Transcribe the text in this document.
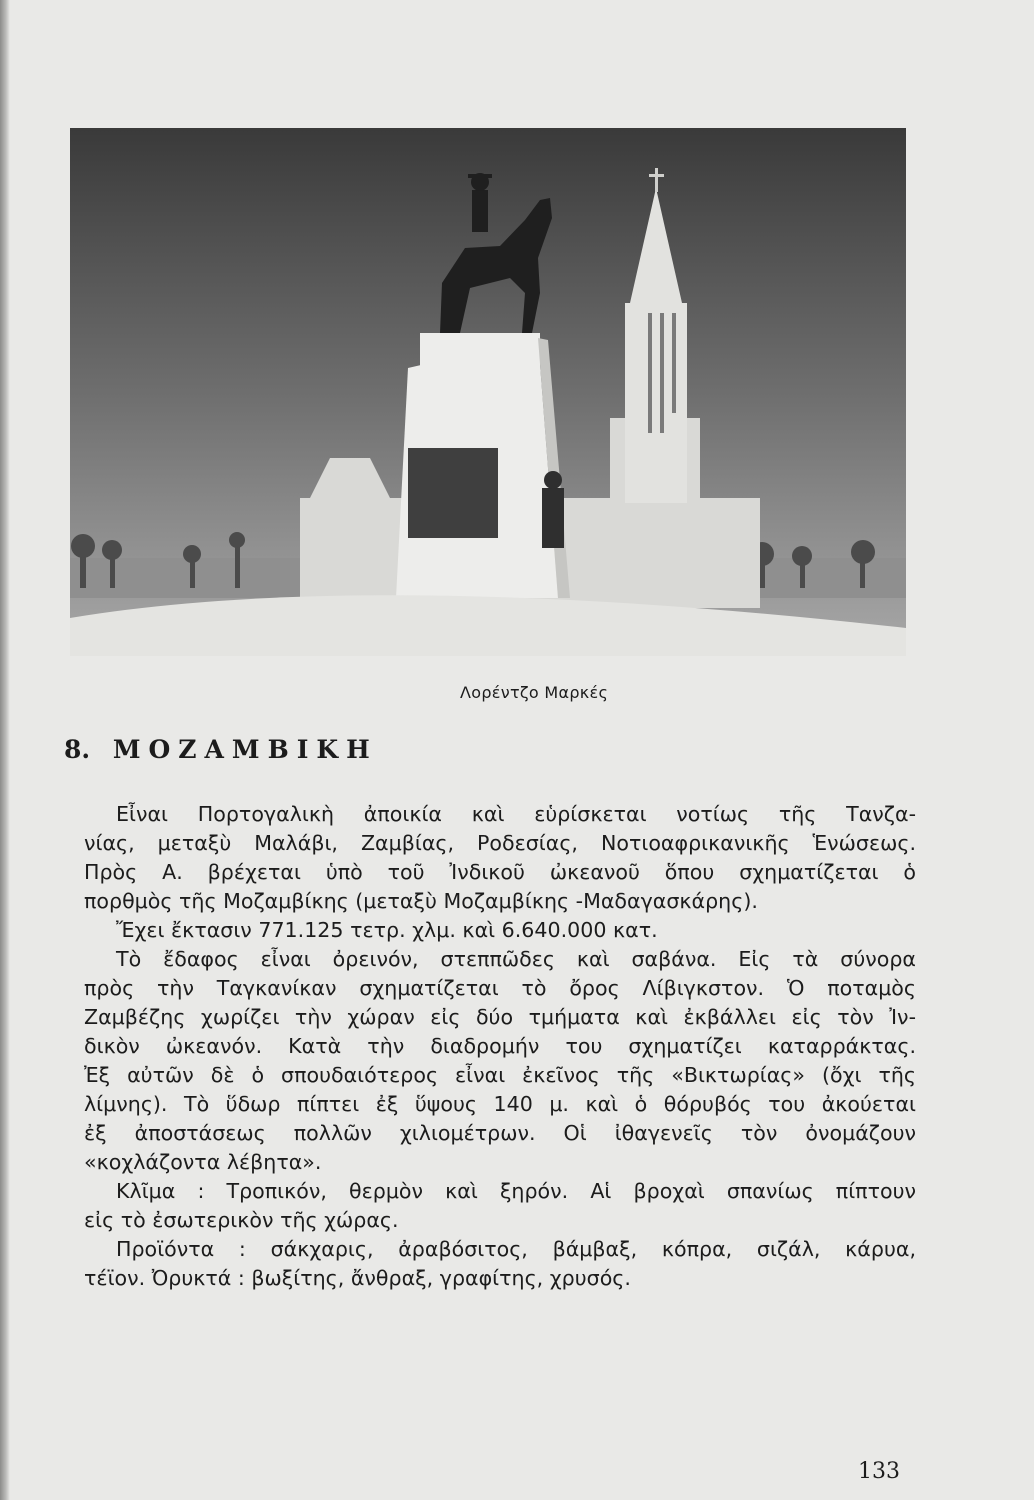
Λορέντζο Μαρκές
8. ΜΟΖΑΜΒΙΚΗ

Εἶναι Πορτογαλικὴ ἀποικία καὶ εὑρίσκεται νοτίως τῆς Τανζα-
νίας, μεταξὺ Μαλάβι, Ζαμβίας, Ροδεσίας, Νοτιοαφρικανικῆς Ἑνώσεως.
Πρὸς Α. βρέχεται ὑπὸ τοῦ Ἰνδικοῦ ὠκεανοῦ ὅπου σχηματίζεται ὁ
πορθμὸς τῆς Μοζαμβίκης (μεταξὺ Μοζαμβίκης -Μαδαγασκάρης).

Ἔχει ἔκτασιν 771.125 τετρ. χλμ. καὶ 6.640.000 κατ.

Τὸ ἔδαφος εἶναι ὀρεινόν, στεππῶδες καὶ σαβάνα. Εἰς τὰ σύνορα
πρὸς τὴν Ταγκανίκαν σχηματίζεται τὸ ὄρος Λίβιγκστον. Ὁ ποταμὸς
Ζαμβέζης χωρίζει τὴν χώραν εἰς δύο τμήματα καὶ ἐκβάλλει εἰς τὸν Ἰν-
δικὸν ὠκεανόν. Κατὰ τὴν διαδρομήν του σχηματίζει καταρράκτας.
Ἐξ αὐτῶν δὲ ὁ σπουδαιότερος εἶναι ἐκεῖνος τῆς «Βικτωρίας» (ὄχι τῆς
λίμνης). Τὸ ὕδωρ πίπτει ἐξ ὕψους 140 μ. καὶ ὁ θόρυβός του ἀκούεται
ἐξ ἀποστάσεως πολλῶν χιλιομέτρων. Οἱ ἰθαγενεῖς τὸν ὀνομάζουν
«κοχλάζοντα λέβητα».

Κλῖμα : Τροπικόν, θερμὸν καὶ ξηρόν. Αἱ βροχαὶ σπανίως πίπτουν
εἰς τὸ ἐσωτερικὸν τῆς χώρας.

Προϊόντα : σάκχαρις, ἀραβόσιτος, βάμβαξ, κόπρα, σιζάλ, κάρυα,
τέϊον. Ὀρυκτά : βωξίτης, ἄνθραξ, γραφίτης, χρυσός.

133
